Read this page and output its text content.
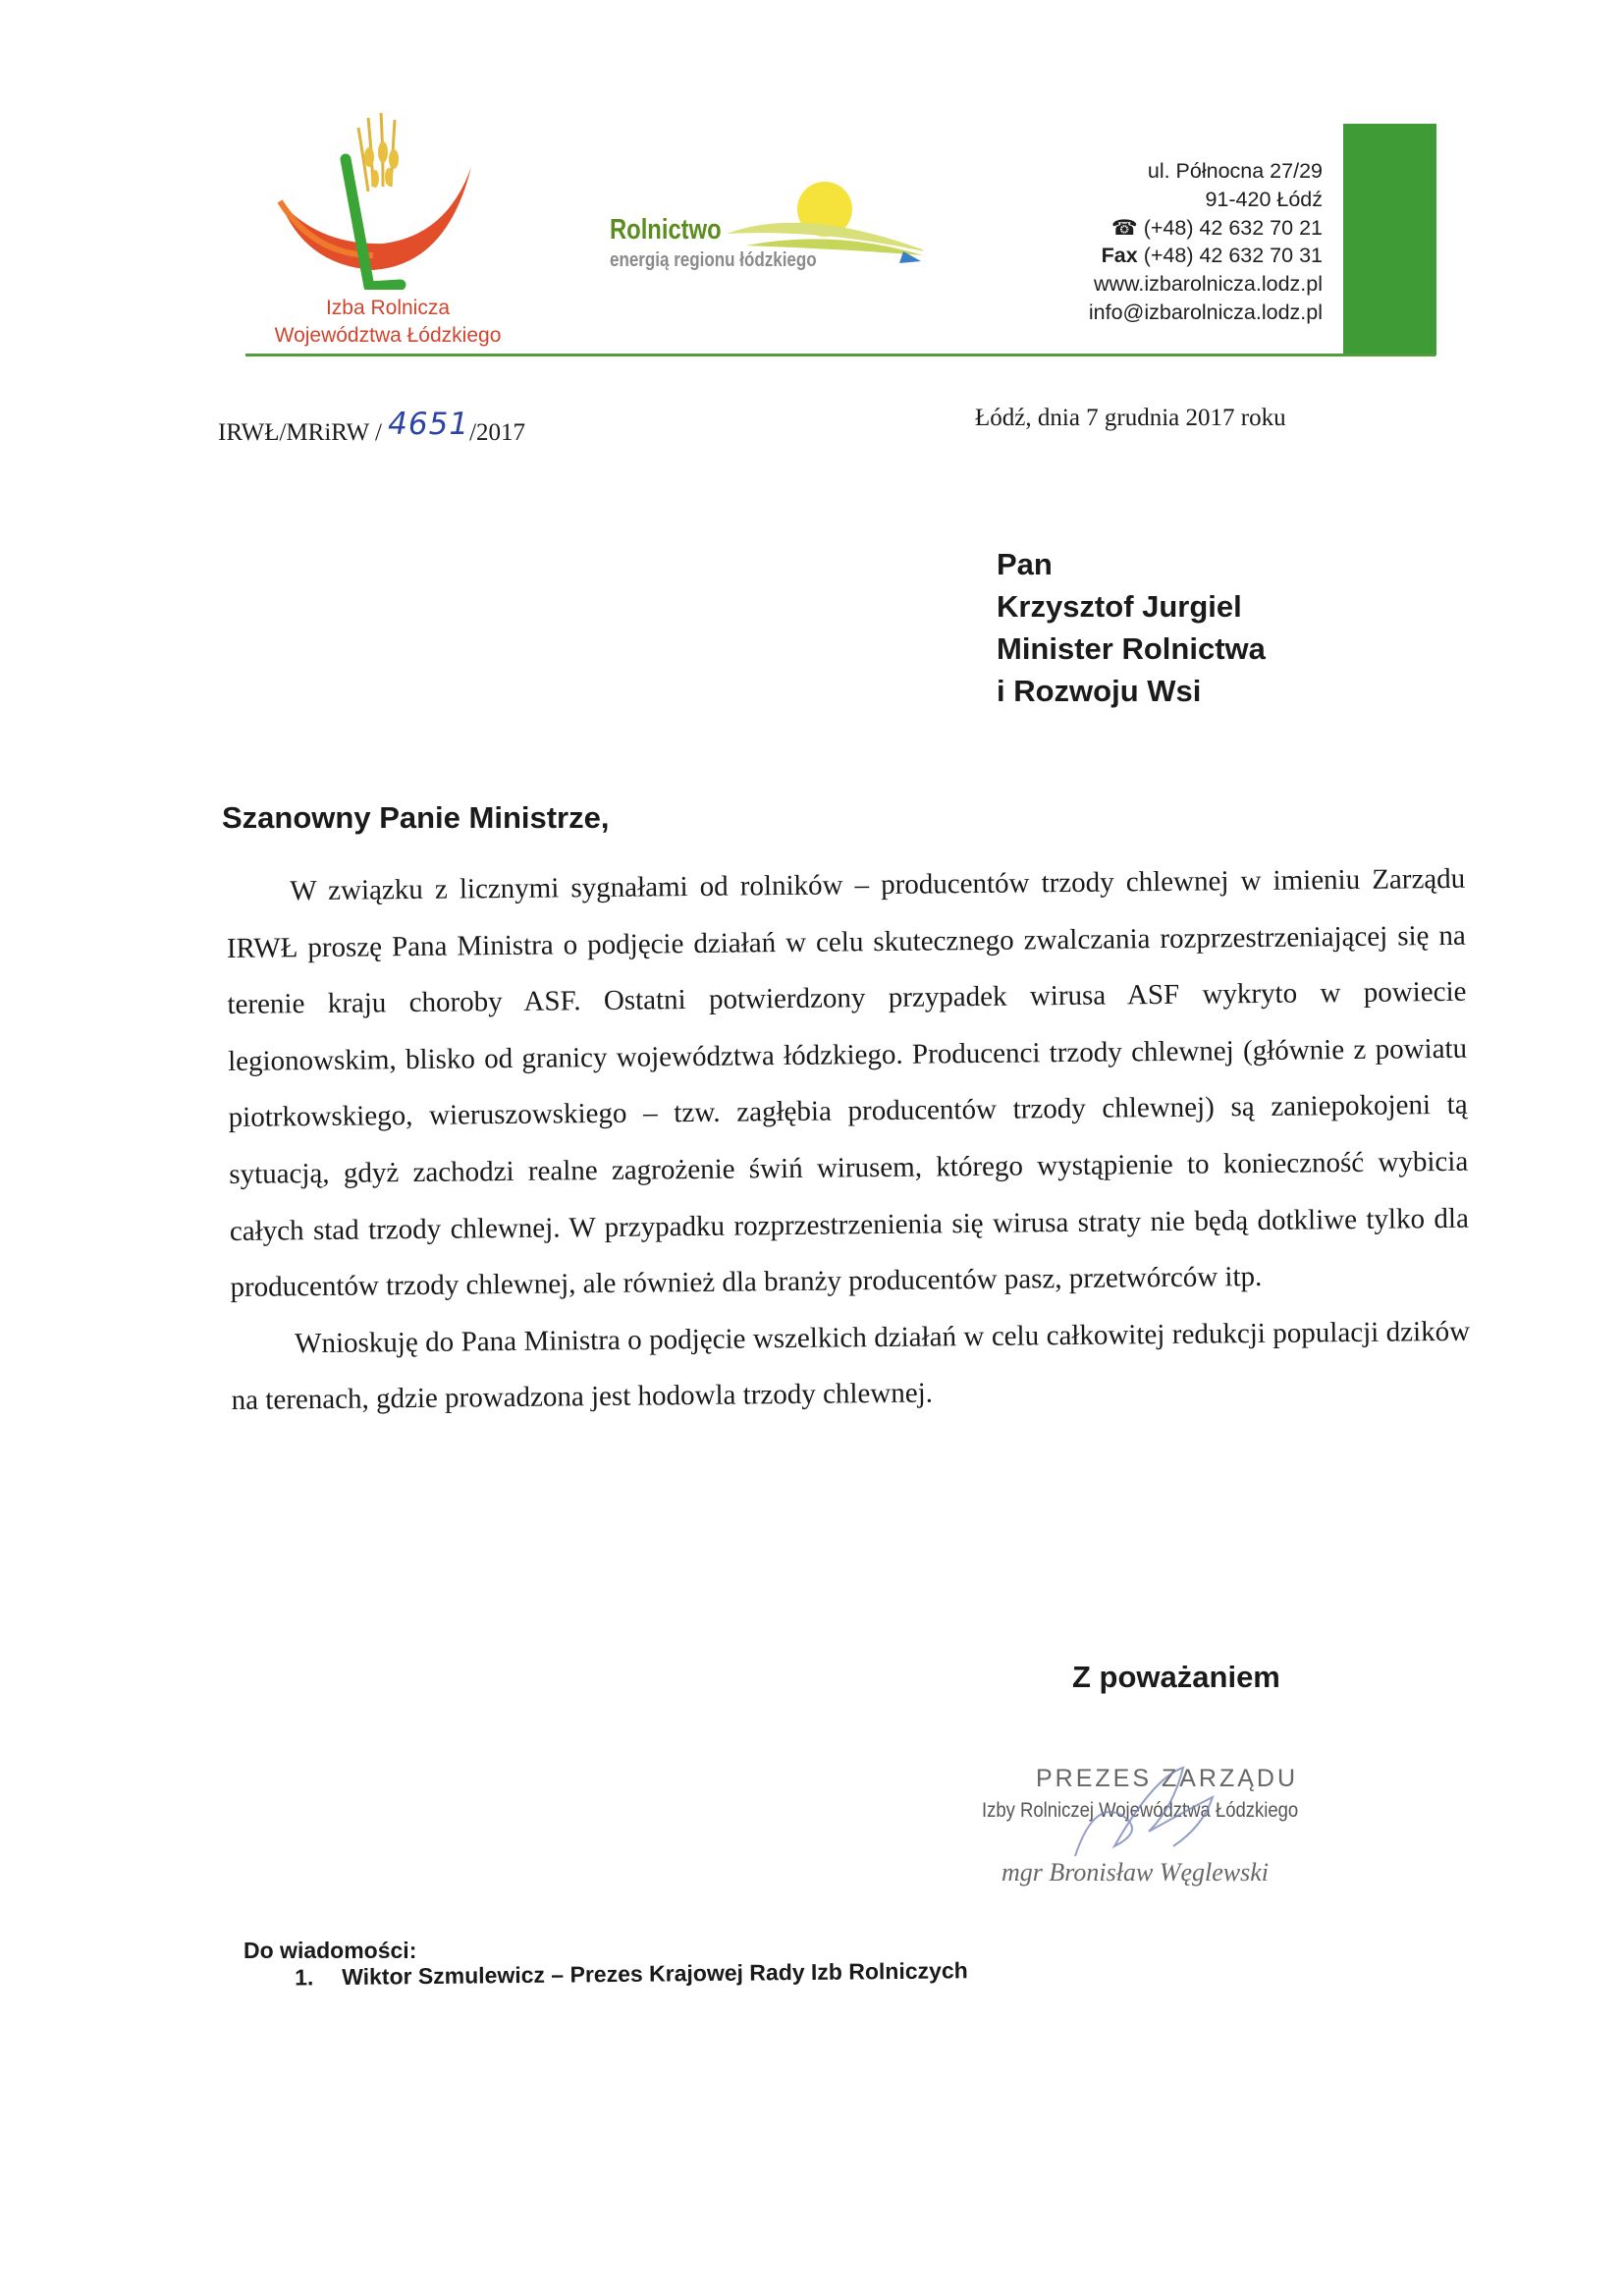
Izba Rolnicza
Województwa Łódzkiego
Rolnictwo
energią regionu łódzkiego
ul. Północna 27/29
91-420 Łódź
☎ (+48) 42 632 70 21
Fax (+48) 42 632 70 31
www.izbarolnicza.lodz.pl
info@izbarolnicza.lodz.pl
IRWŁ/MRiRW / 4651/2017
Łódź, dnia 7 grudnia 2017 roku
Pan
Krzysztof Jurgiel
Minister Rolnictwa
i Rozwoju Wsi
Szanowny Panie Ministrze,

W związku z licznymi sygnałami od rolników – producentów trzody chlewnej w imieniu Zarządu IRWŁ proszę Pana Ministra o podjęcie działań w celu skutecznego zwalczania rozprzestrzeniającej się na terenie kraju choroby ASF. Ostatni potwierdzony przypadek wirusa ASF wykryto w powiecie legionowskim, blisko od granicy województwa łódzkiego. Producenci trzody chlewnej (głównie z powiatu piotrkowskiego, wieruszowskiego – tzw. zagłębia producentów trzody chlewnej) są zaniepokojeni tą sytuacją, gdyż zachodzi realne zagrożenie świń wirusem, którego wystąpienie to konieczność wybicia całych stad trzody chlewnej. W przypadku rozprzestrzenienia się wirusa straty nie będą dotkliwe tylko dla producentów trzody chlewnej, ale również dla branży producentów pasz, przetwórców itp.

Wnioskuję do Pana Ministra o podjęcie wszelkich działań w celu całkowitej redukcji populacji dzików na terenach, gdzie prowadzona jest hodowla trzody chlewnej.

Z poważaniem
PREZES ZARZĄDU
Izby Rolniczej Województwa Łódzkiego
mgr Bronisław Węglewski
Do wiadomości:
1. Wiktor Szmulewicz – Prezes Krajowej Rady Izb Rolniczych
